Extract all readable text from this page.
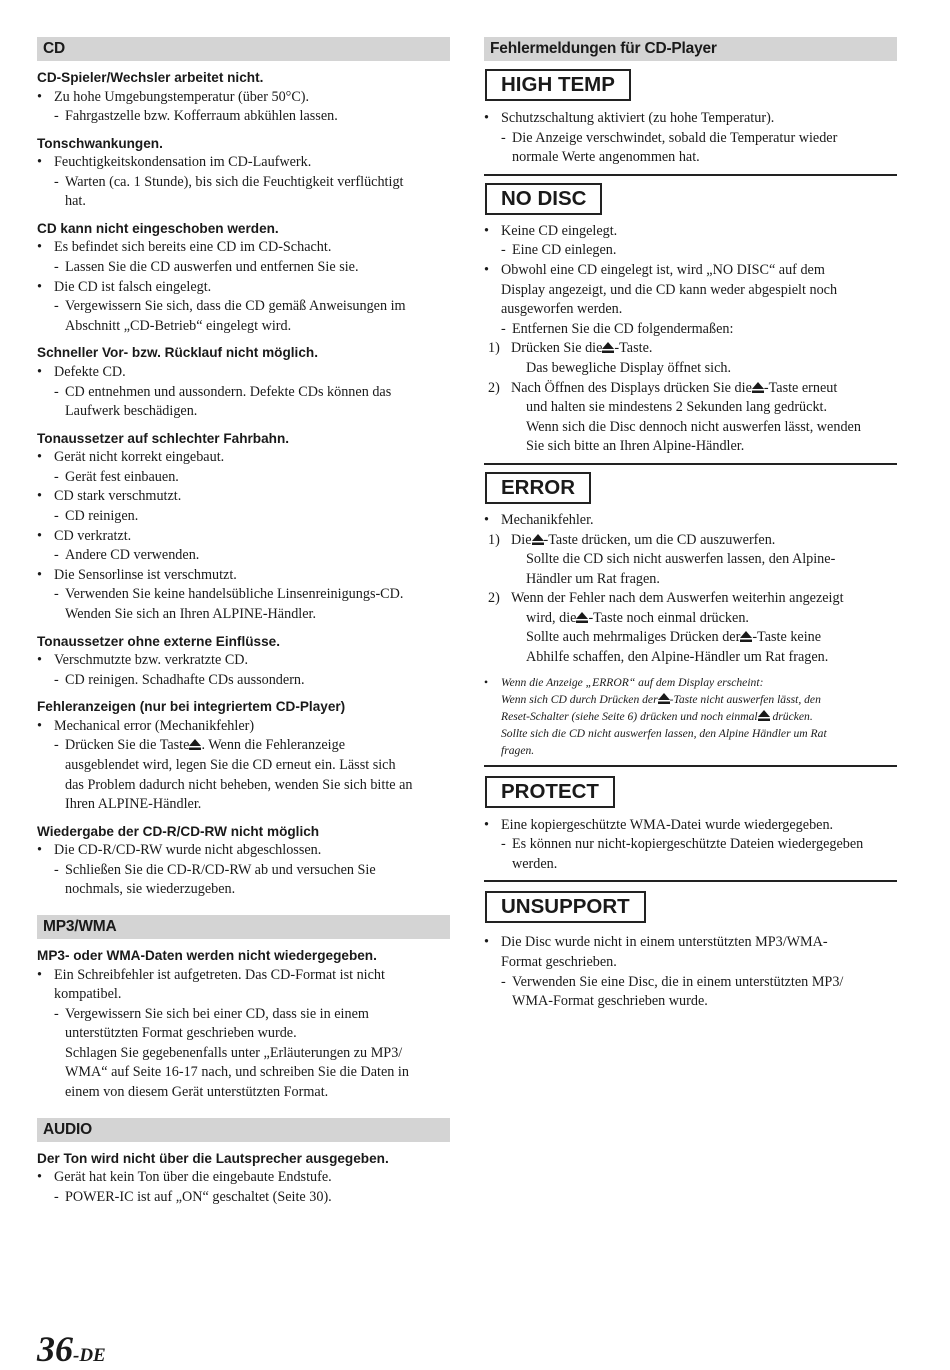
CD
CD-Spieler/Wechsler arbeitet nicht.
• Zu hohe Umgebungstemperatur (über 50°C).
- Fahrgastzelle bzw. Kofferraum abkühlen lassen.
Tonschwankungen.
• Feuchtigkeitskondensation im CD-Laufwerk.
- Warten (ca. 1 Stunde), bis sich die Feuchtigkeit verflüchtigt
hat.
CD kann nicht eingeschoben werden.
• Es befindet sich bereits eine CD im CD-Schacht.
- Lassen Sie die CD auswerfen und entfernen Sie sie.
• Die CD ist falsch eingelegt.
- Vergewissern Sie sich, dass die CD gemäß Anweisungen im
Abschnitt „CD-Betrieb“ eingelegt wird.
Schneller Vor- bzw. Rücklauf nicht möglich.
• Defekte CD.
- CD entnehmen und aussondern. Defekte CDs können das
Laufwerk beschädigen.
Tonaussetzer auf schlechter Fahrbahn.
• Gerät nicht korrekt eingebaut.
- Gerät fest einbauen.
• CD stark verschmutzt.
- CD reinigen.
• CD verkratzt.
- Andere CD verwenden.
• Die Sensorlinse ist verschmutzt.
- Verwenden Sie keine handelsübliche Linsenreinigungs-CD.
Wenden Sie sich an Ihren ALPINE-Händler.
Tonaussetzer ohne externe Einflüsse.
• Verschmutzte bzw. verkratzte CD.
- CD reinigen. Schadhafte CDs aussondern.
Fehleranzeigen (nur bei integriertem CD-Player)
• Mechanical error (Mechanikfehler)
- Drücken Sie die Taste . Wenn die Fehleranzeige
ausgeblendet wird, legen Sie die CD erneut ein. Lässt sich
das Problem dadurch nicht beheben, wenden Sie sich bitte an
Ihren ALPINE-Händler.
Wiedergabe der CD-R/CD-RW nicht möglich
• Die CD-R/CD-RW wurde nicht abgeschlossen.
- Schließen Sie die CD-R/CD-RW ab und versuchen Sie
nochmals, sie wiederzugeben.
MP3/WMA
MP3- oder WMA-Daten werden nicht wiedergegeben.
• Ein Schreibfehler ist aufgetreten. Das CD-Format ist nicht
kompatibel.
- Vergewissern Sie sich bei einer CD, dass sie in einem
unterstützten Format geschrieben wurde.
Schlagen Sie gegebenenfalls unter „Erläuterungen zu MP3/
WMA“ auf Seite 16-17 nach, und schreiben Sie die Daten in
einem von diesem Gerät unterstützten Format.
AUDIO
Der Ton wird nicht über die Lautsprecher ausgegeben.
• Gerät hat kein Ton über die eingebaute Endstufe.
- POWER-IC ist auf „ON“ geschaltet (Seite 30).
Fehlermeldungen für CD-Player
HIGH TEMP
• Schutzschaltung aktiviert (zu hohe Temperatur).
- Die Anzeige verschwindet, sobald die Temperatur wieder
normale Werte angenommen hat.
NO DISC
• Keine CD eingelegt.
- Eine CD einlegen.
• Obwohl eine CD eingelegt ist, wird „NO DISC“ auf dem
Display angezeigt, und die CD kann weder abgespielt noch
ausgeworfen werden.
- Entfernen Sie die CD folgendermaßen:
1) Drücken Sie die -Taste.
Das bewegliche Display öffnet sich.
2) Nach Öffnen des Displays drücken Sie die -Taste erneut
und halten sie mindestens 2 Sekunden lang gedrückt.
Wenn sich die Disc dennoch nicht auswerfen lässt, wenden
Sie sich bitte an Ihren Alpine-Händler.
ERROR
• Mechanikfehler.
1) Die -Taste drücken, um die CD auszuwerfen.
Sollte die CD sich nicht auswerfen lassen, den Alpine-
Händler um Rat fragen.
2) Wenn der Fehler nach dem Auswerfen weiterhin angezeigt
wird, die -Taste noch einmal drücken.
Sollte auch mehrmaliges Drücken der -Taste keine
Abhilfe schaffen, den Alpine-Händler um Rat fragen.
• Wenn die Anzeige „ERROR“ auf dem Display erscheint:
Wenn sich CD durch Drücken der -Taste nicht auswerfen lässt, den
Reset-Schalter (siehe Seite 6) drücken und noch einmal drücken.
Sollte sich die CD nicht auswerfen lassen, den Alpine Händler um Rat
fragen.
PROTECT
• Eine kopiergeschützte WMA-Datei wurde wiedergegeben.
- Es können nur nicht-kopiergeschützte Dateien wiedergegeben
werden.
UNSUPPORT
• Die Disc wurde nicht in einem unterstützten MP3/WMA-
Format geschrieben.
- Verwenden Sie eine Disc, die in einem unterstützten MP3/
WMA-Format geschrieben wurde.
36-DE
